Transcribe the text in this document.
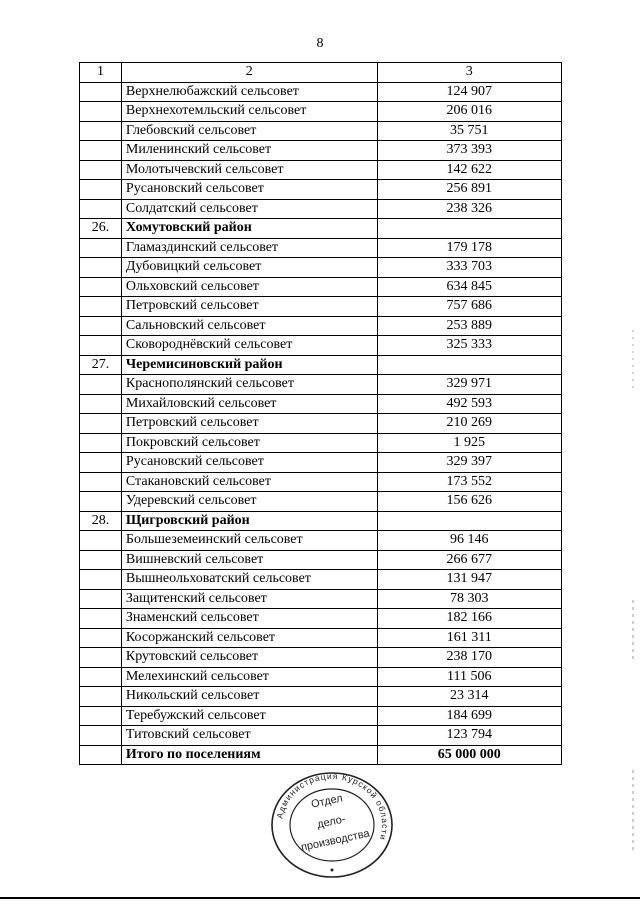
8
1	2	3
	Верхнелюбажский сельсовет	124 907
	Верхнехотемльский сельсовет	206 016
	Глебовский сельсовет	35 751
	Миленинский сельсовет	373 393
	Молотычевский сельсовет	142 622
	Русановский сельсовет	256 891
	Солдатский сельсовет	238 326
26.	Хомутовский район	
	Гламаздинский сельсовет	179 178
	Дубовицкий сельсовет	333 703
	Ольховский сельсовет	634 845
	Петровский сельсовет	757 686
	Сальновский сельсовет	253 889
	Сковороднёвский сельсовет	325 333
27.	Черемисиновский район	
	Краснополянский сельсовет	329 971
	Михайловский сельсовет	492 593
	Петровский сельсовет	210 269
	Покровский сельсовет	1 925
	Русановский сельсовет	329 397
	Стакановский сельсовет	173 552
	Удеревский сельсовет	156 626
28.	Щигровский район	
	Большеземеинский сельсовет	96 146
	Вишневский сельсовет	266 677
	Вышнеольховатский сельсовет	131 947
	Защитенский сельсовет	78 303
	Знаменский сельсовет	182 166
	Косоржанский сельсовет	161 311
	Крутовский сельсовет	238 170
	Мелехинский сельсовет	111 506
	Никольский сельсовет	23 314
	Теребужский сельсовет	184 699
	Титовский сельсовет	123 794
	Итого по поселениям	65 000 000
Администрация Курской области
Отдел
дело-
производства
